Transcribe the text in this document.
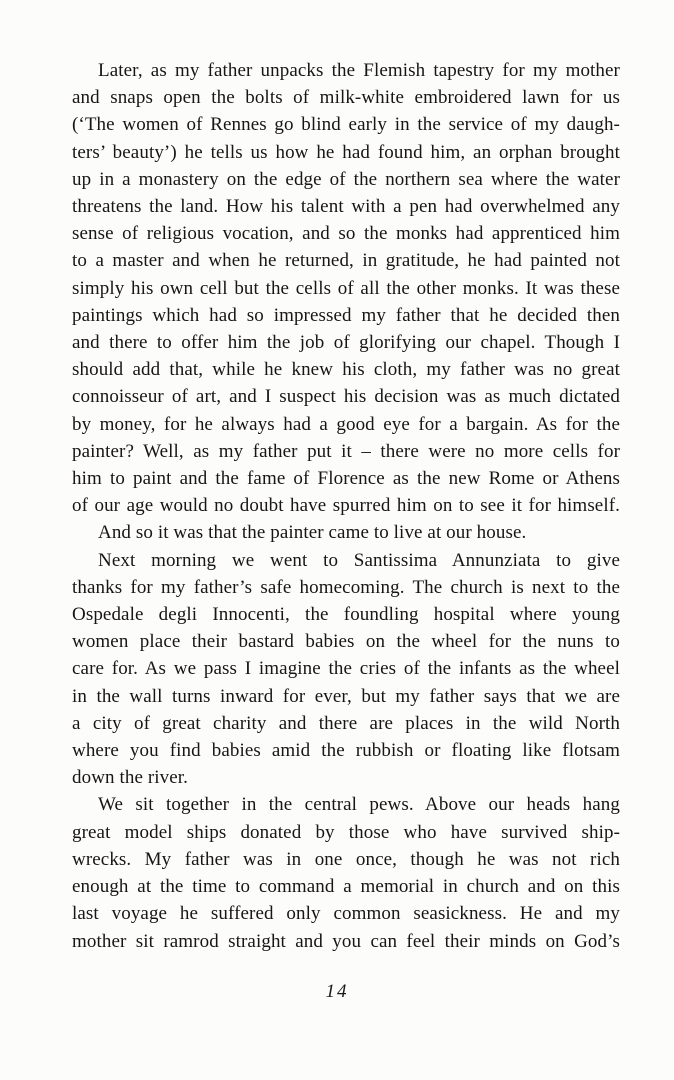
Later, as my father unpacks the Flemish tapestry for my mother
and snaps open the bolts of milk-white embroidered lawn for us
(‘The women of Rennes go blind early in the service of my daugh-
ters’ beauty’) he tells us how he had found him, an orphan brought
up in a monastery on the edge of the northern sea where the water
threatens the land. How his talent with a pen had overwhelmed any
sense of religious vocation, and so the monks had apprenticed him
to a master and when he returned, in gratitude, he had painted not
simply his own cell but the cells of all the other monks. It was these
paintings which had so impressed my father that he decided then
and there to offer him the job of glorifying our chapel. Though I
should add that, while he knew his cloth, my father was no great
connoisseur of art, and I suspect his decision was as much dictated
by money, for he always had a good eye for a bargain. As for the
painter? Well, as my father put it – there were no more cells for
him to paint and the fame of Florence as the new Rome or Athens
of our age would no doubt have spurred him on to see it for himself.
And so it was that the painter came to live at our house.
Next morning we went to Santissima Annunziata to give
thanks for my father’s safe homecoming. The church is next to the
Ospedale degli Innocenti, the foundling hospital where young
women place their bastard babies on the wheel for the nuns to
care for. As we pass I imagine the cries of the infants as the wheel
in the wall turns inward for ever, but my father says that we are
a city of great charity and there are places in the wild North
where you find babies amid the rubbish or floating like flotsam
down the river.
We sit together in the central pews. Above our heads hang
great model ships donated by those who have survived ship-
wrecks. My father was in one once, though he was not rich
enough at the time to command a memorial in church and on this
last voyage he suffered only common seasickness. He and my
mother sit ramrod straight and you can feel their minds on God’s
14
